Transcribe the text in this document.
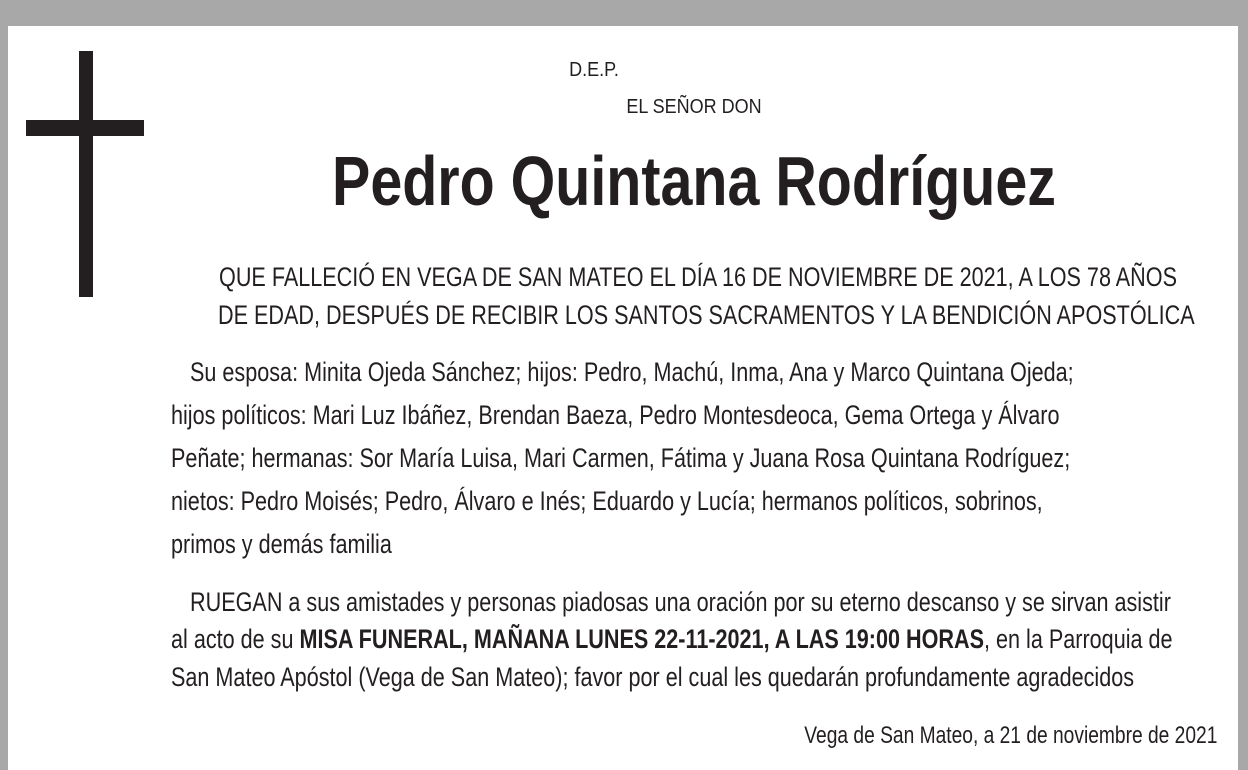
D.E.P.
EL SEÑOR DON
Pedro Quintana Rodríguez
QUE FALLECIÓ EN VEGA DE SAN MATEO EL DÍA 16 DE NOVIEMBRE DE 2021, A LOS 78 AÑOS
DE EDAD, DESPUÉS DE RECIBIR LOS SANTOS SACRAMENTOS Y LA BENDICIÓN APOSTÓLICA
Su esposa: Minita Ojeda Sánchez; hijos: Pedro, Machú, Inma, Ana y Marco Quintana Ojeda;
hijos políticos: Mari Luz Ibáñez, Brendan Baeza, Pedro Montesdeoca, Gema Ortega y Álvaro
Peñate; hermanas: Sor María Luisa, Mari Carmen, Fátima y Juana Rosa Quintana Rodríguez;
nietos: Pedro Moisés; Pedro, Álvaro e Inés; Eduardo y Lucía; hermanos políticos, sobrinos,
primos y demás familia
RUEGAN a sus amistades y personas piadosas una oración por su eterno descanso y se sirvan asistir
al acto de su MISA FUNERAL, MAÑANA LUNES 22-11-2021, A LAS 19:00 HORAS, en la Parroquia de
San Mateo Apóstol (Vega de San Mateo); favor por el cual les quedarán profundamente agradecidos
Vega de San Mateo, a 21 de noviembre de 2021
